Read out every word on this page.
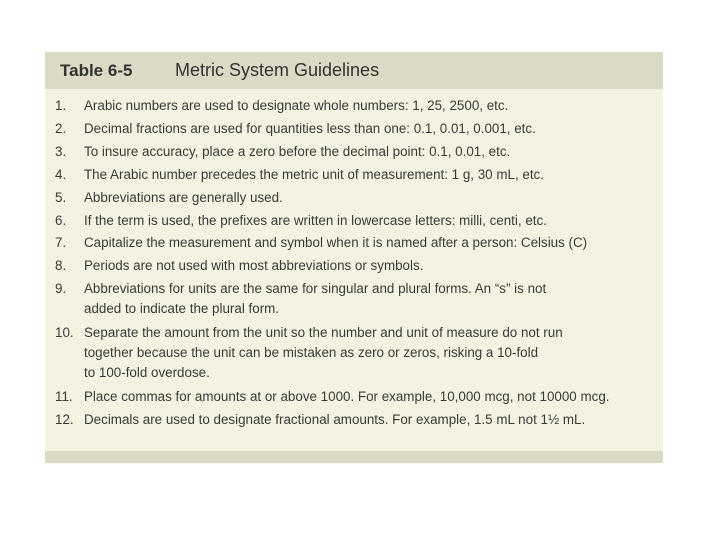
Table 6-5 Metric System Guidelines
1.	Arabic numbers are used to designate whole numbers: 1, 25, 2500, etc.
2.	Decimal fractions are used for quantities less than one: 0.1, 0.01, 0.001, etc.
3.	To insure accuracy, place a zero before the decimal point: 0.1, 0.01, etc.
4.	The Arabic number precedes the metric unit of measurement: 1 g, 30 mL, etc.
5.	Abbreviations are generally used.
6.	If the term is used, the prefixes are written in lowercase letters: milli, centi, etc.
7.	Capitalize the measurement and symbol when it is named after a person: Celsius (C)
8.	Periods are not used with most abbreviations or symbols.
9.	Abbreviations for units are the same for singular and plural forms. An “s” is not
added to indicate the plural form.
10. Separate the amount from the unit so the number and unit of measure do not run
together because the unit can be mistaken as zero or zeros, risking a 10-fold
to 100-fold overdose.
11. Place commas for amounts at or above 1000. For example, 10,000 mcg, not 10000 mcg.
12. Decimals are used to designate fractional amounts. For example, 1.5 mL not 1½ mL.
